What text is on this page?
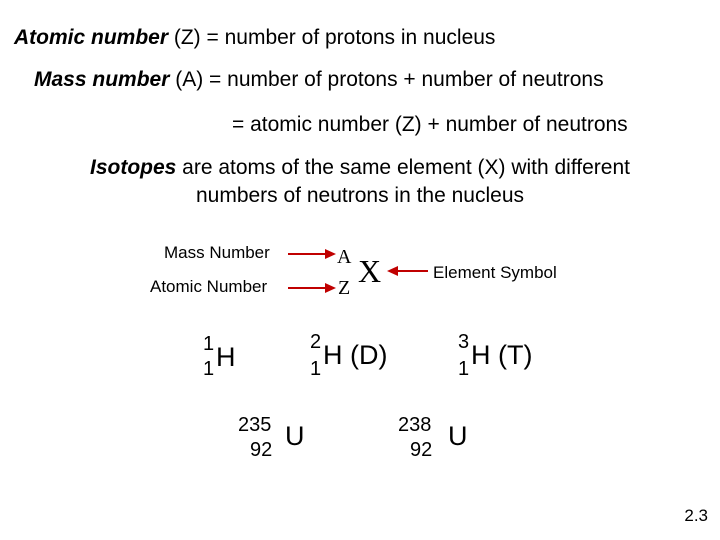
Atomic number (Z) = number of protons in nucleus
Mass number (A) = number of protons + number of neutrons
= atomic number (Z) + number of neutrons
Isotopes are atoms of the same element (X) with different
numbers of neutrons in the nucleus
Mass Number
Atomic Number
A
Z X	Element Symbol
1
1 H	2
1 H (D)	3
1 H (T)
235
92 U	238
92 U
2.3
